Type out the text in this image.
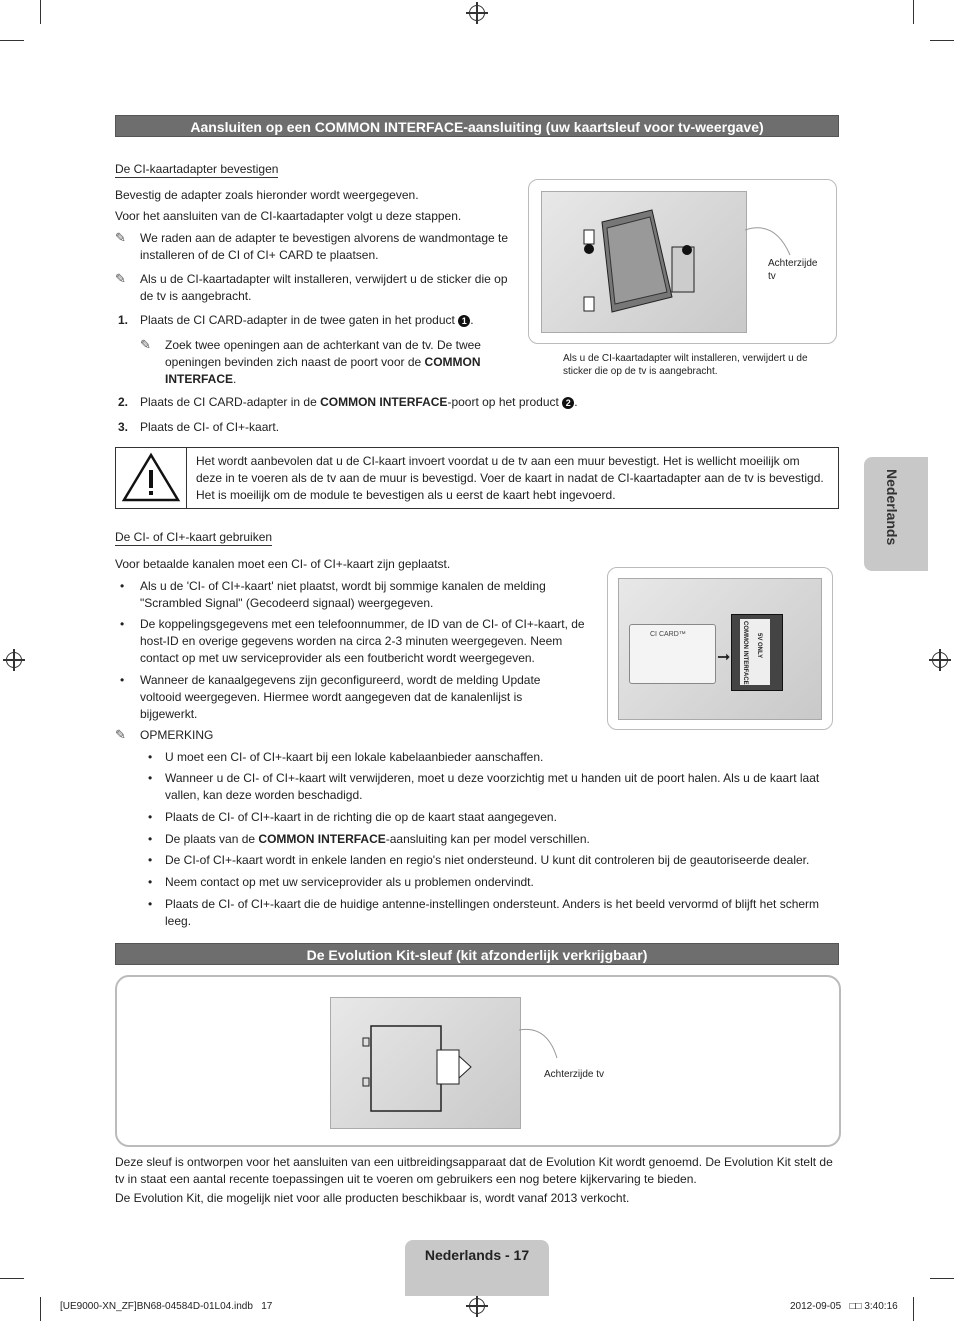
Aansluiten op een COMMON INTERFACE-aansluiting (uw kaartsleuf voor tv-weergave)
De CI-kaartadapter bevestigen
Bevestig de adapter zoals hieronder wordt weergegeven.
Voor het aansluiten van de CI-kaartadapter volgt u deze stappen.
✎ We raden aan de adapter te bevestigen alvorens de wandmontage te installeren of de CI of CI+ CARD te plaatsen.
✎ Als u de CI-kaartadapter wilt installeren, verwijdert u de sticker die op de tv is aangebracht.
1. Plaats de CI CARD-adapter in de twee gaten in het product 1 .
✎ Zoek twee openingen aan de achterkant van de tv. De twee openingen bevinden zich naast de poort voor de COMMON INTERFACE.
2. Plaats de CI CARD-adapter in de COMMON INTERFACE-poort op het product 2 .
3. Plaats de CI- of CI+-kaart.
Achterzijde tv
Als u de CI-kaartadapter wilt installeren, verwijdert u de sticker die op de tv is aangebracht.
Het wordt aanbevolen dat u de CI-kaart invoert voordat u de tv aan een muur bevestigt. Het is wellicht moeilijk om deze in te voeren als de tv aan de muur is bevestigd. Voer de kaart in nadat de CI-kaartadapter aan de tv is bevestigd. Het is moeilijk om de module te bevestigen als u eerst de kaart hebt ingevoerd.
De CI- of CI+-kaart gebruiken
Voor betaalde kanalen moet een CI- of CI+-kaart zijn geplaatst.
• Als u de 'CI- of CI+-kaart' niet plaatst, wordt bij sommige kanalen de melding "Scrambled Signal" (Gecodeerd signaal) weergegeven.
• De koppelingsgegevens met een telefoonnummer, de ID van de CI- of CI+-kaart, de host-ID en overige gegevens worden na circa 2-3 minuten weergegeven. Neem contact op met uw serviceprovider als een foutbericht wordt weergegeven.
• Wanneer de kanaalgegevens zijn geconfigureerd, wordt de melding Update voltooid weergegeven. Hiermee wordt aangegeven dat de kanalenlijst is bijgewerkt.
✎ OPMERKING
• U moet een CI- of CI+-kaart bij een lokale kabelaanbieder aanschaffen.
• Wanneer u de CI- of CI+-kaart wilt verwijderen, moet u deze voorzichtig met u handen uit de poort halen. Als u de kaart laat vallen, kan deze worden beschadigd.
• Plaats de CI- of CI+-kaart in de richting die op de kaart staat aangegeven.
• De plaats van de COMMON INTERFACE-aansluiting kan per model verschillen.
• De CI-of CI+-kaart wordt in enkele landen en regio's niet ondersteund. U kunt dit controleren bij de geautoriseerde dealer.
• Neem contact op met uw serviceprovider als u problemen ondervindt.
• Plaats de CI- of CI+-kaart die de huidige antenne-instellingen ondersteunt. Anders is het beeld vervormd of blijft het scherm leeg.
CI CARD™
➞ COMMON INTERFACE 5V ONLY
De Evolution Kit-sleuf (kit afzonderlijk verkrijgbaar)
Achterzijde tv
Deze sleuf is ontworpen voor het aansluiten van een uitbreidingsapparaat dat de Evolution Kit wordt genoemd. De Evolution Kit stelt de tv in staat een aantal recente toepassingen uit te voeren om gebruikers een nog betere kijkervaring te bieden.
De Evolution Kit, die mogelijk niet voor alle producten beschikbaar is, wordt vanaf 2013 verkocht.
Nederlands
Nederlands - 17
[UE9000-XN_ZF]BN68-04584D-01L04.indb   17	2012-09-05   □□ 3:40:16
